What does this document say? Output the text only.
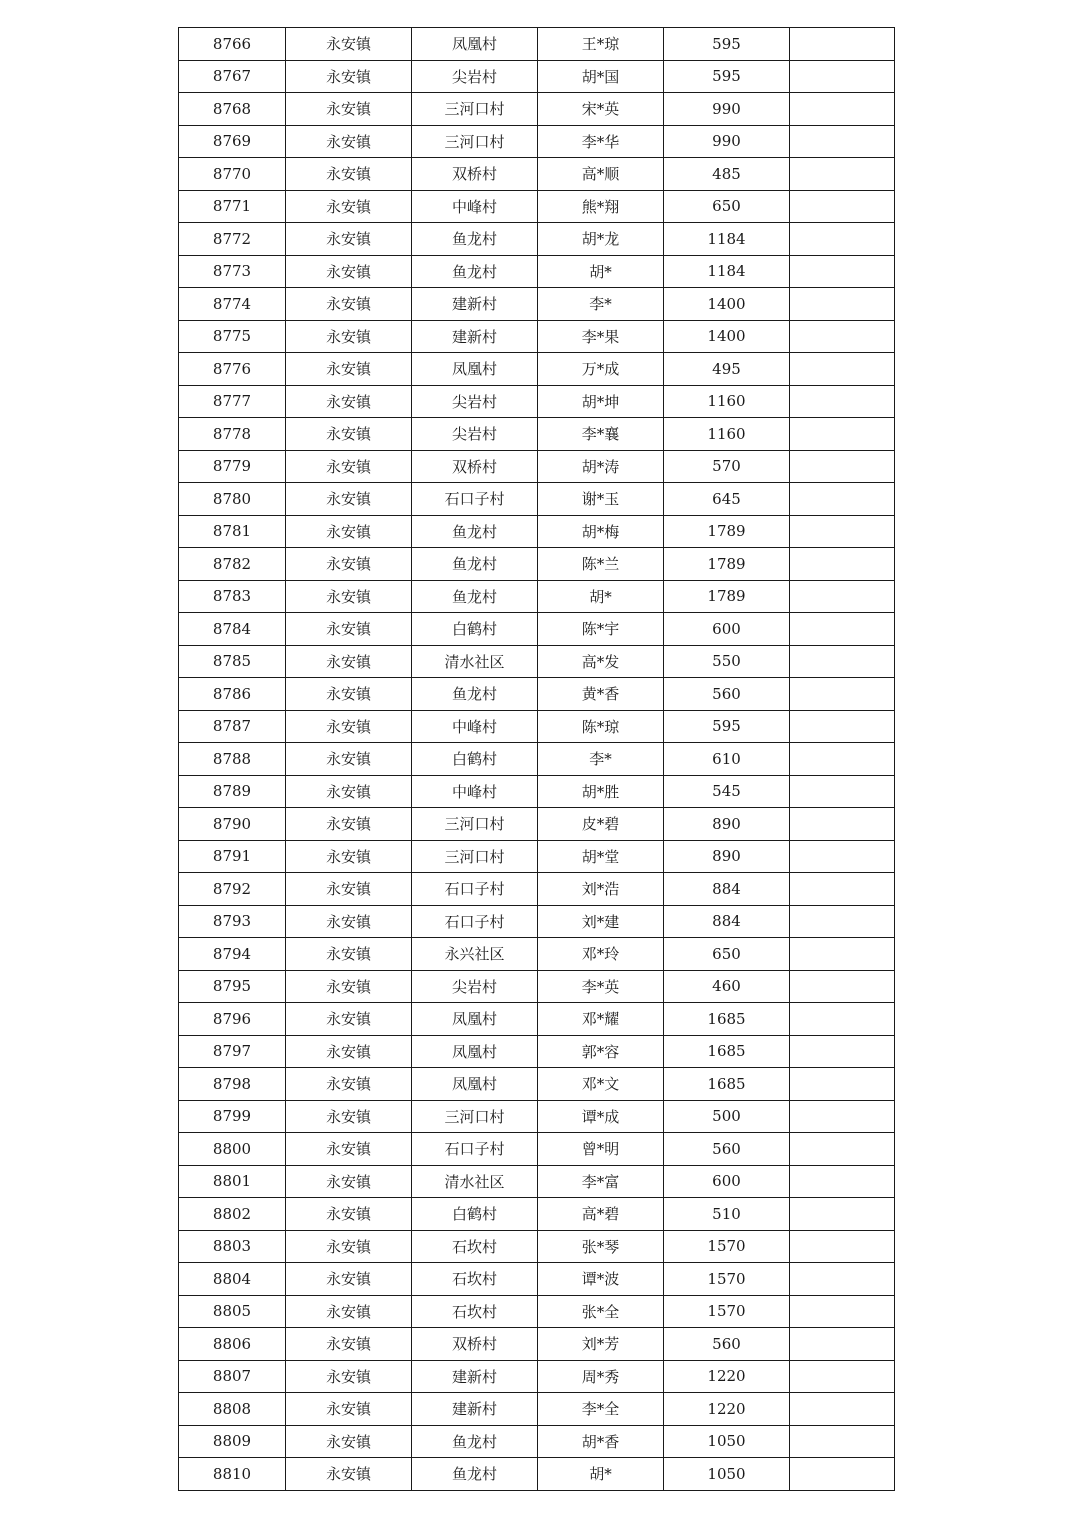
8766	永安镇	凤凰村	王*琼	595	
8767	永安镇	尖岩村	胡*国	595	
8768	永安镇	三河口村	宋*英	990	
8769	永安镇	三河口村	李*华	990	
8770	永安镇	双桥村	高*顺	485	
8771	永安镇	中峰村	熊*翔	650	
8772	永安镇	鱼龙村	胡*龙	1184	
8773	永安镇	鱼龙村	胡*	1184	
8774	永安镇	建新村	李*	1400	
8775	永安镇	建新村	李*果	1400	
8776	永安镇	凤凰村	万*成	495	
8777	永安镇	尖岩村	胡*坤	1160	
8778	永安镇	尖岩村	李*襄	1160	
8779	永安镇	双桥村	胡*涛	570	
8780	永安镇	石口子村	谢*玉	645	
8781	永安镇	鱼龙村	胡*梅	1789	
8782	永安镇	鱼龙村	陈*兰	1789	
8783	永安镇	鱼龙村	胡*	1789	
8784	永安镇	白鹤村	陈*宇	600	
8785	永安镇	清水社区	高*发	550	
8786	永安镇	鱼龙村	黄*香	560	
8787	永安镇	中峰村	陈*琼	595	
8788	永安镇	白鹤村	李*	610	
8789	永安镇	中峰村	胡*胜	545	
8790	永安镇	三河口村	皮*碧	890	
8791	永安镇	三河口村	胡*堂	890	
8792	永安镇	石口子村	刘*浩	884	
8793	永安镇	石口子村	刘*建	884	
8794	永安镇	永兴社区	邓*玲	650	
8795	永安镇	尖岩村	李*英	460	
8796	永安镇	凤凰村	邓*耀	1685	
8797	永安镇	凤凰村	郭*容	1685	
8798	永安镇	凤凰村	邓*文	1685	
8799	永安镇	三河口村	谭*成	500	
8800	永安镇	石口子村	曾*明	560	
8801	永安镇	清水社区	李*富	600	
8802	永安镇	白鹤村	高*碧	510	
8803	永安镇	石坎村	张*琴	1570	
8804	永安镇	石坎村	谭*波	1570	
8805	永安镇	石坎村	张*全	1570	
8806	永安镇	双桥村	刘*芳	560	
8807	永安镇	建新村	周*秀	1220	
8808	永安镇	建新村	李*全	1220	
8809	永安镇	鱼龙村	胡*香	1050	
8810	永安镇	鱼龙村	胡*	1050	
